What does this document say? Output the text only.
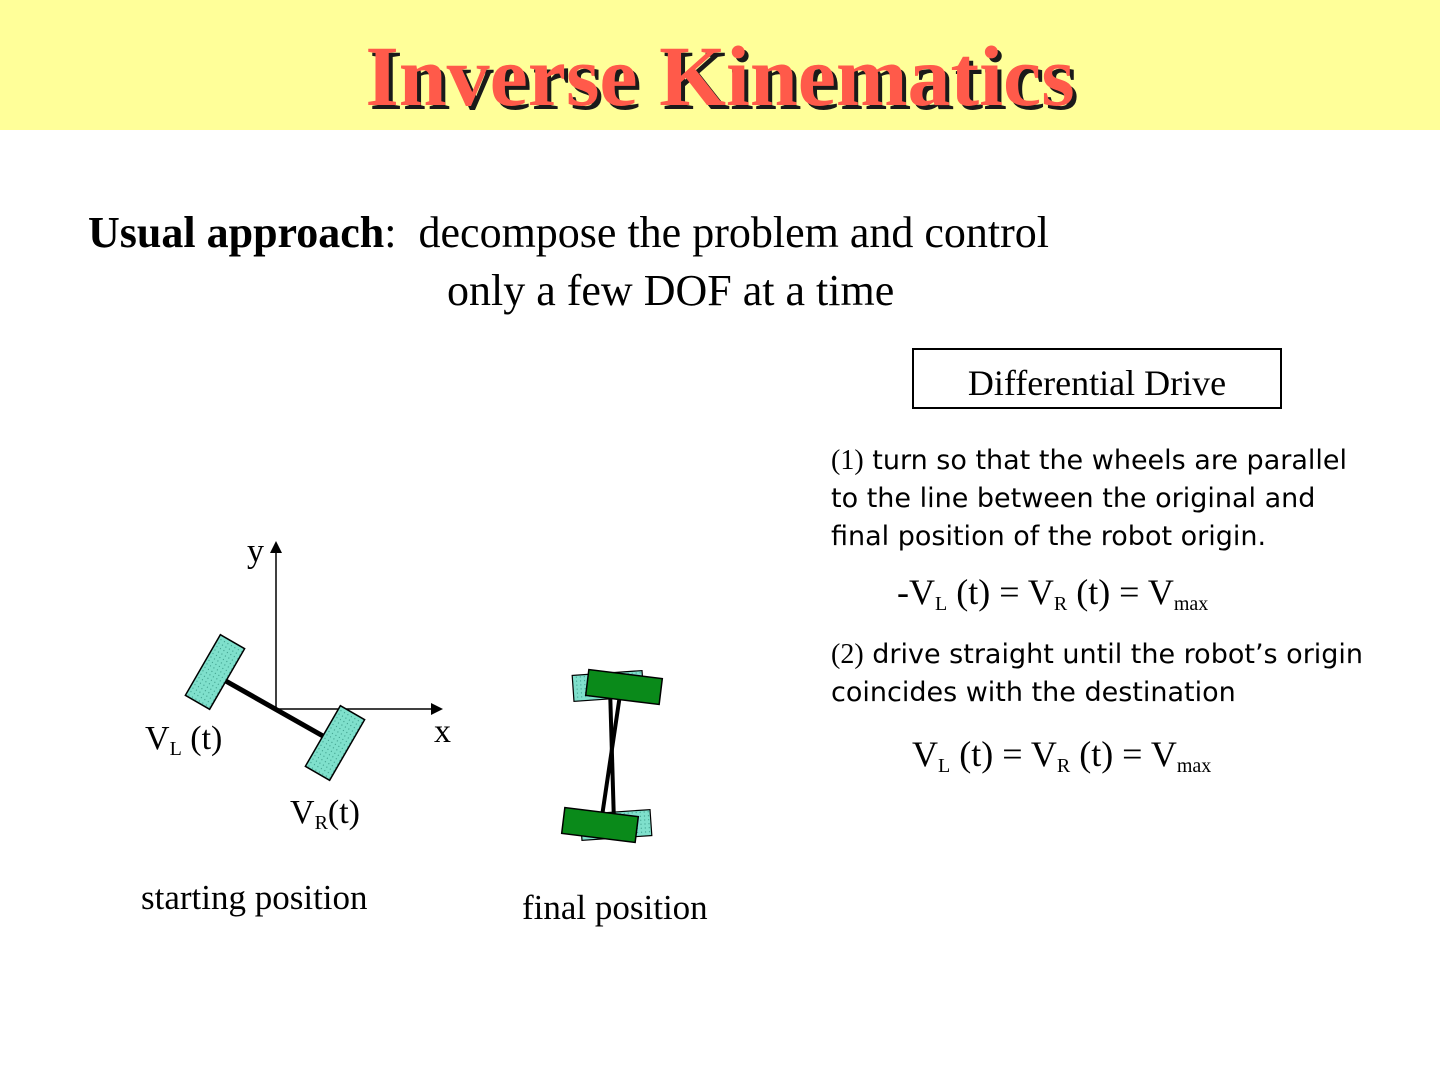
Inverse Kinematics
Usual approach: decompose the problem and control
only a few DOF at a time
Differential Drive
(1) turn so that the wheels are parallel to the line between the original and final position of the robot origin.
$-V_L$ $(t) = V_R$ $(t) = V_{max}$
(2) drive straight until the robot’s origin coincides with the destination
$V_L$ $(t) = V_R$ $(t) = V_{max}$
y
x
$V_L$ (t)
$V_R(t)$
starting position	final position
